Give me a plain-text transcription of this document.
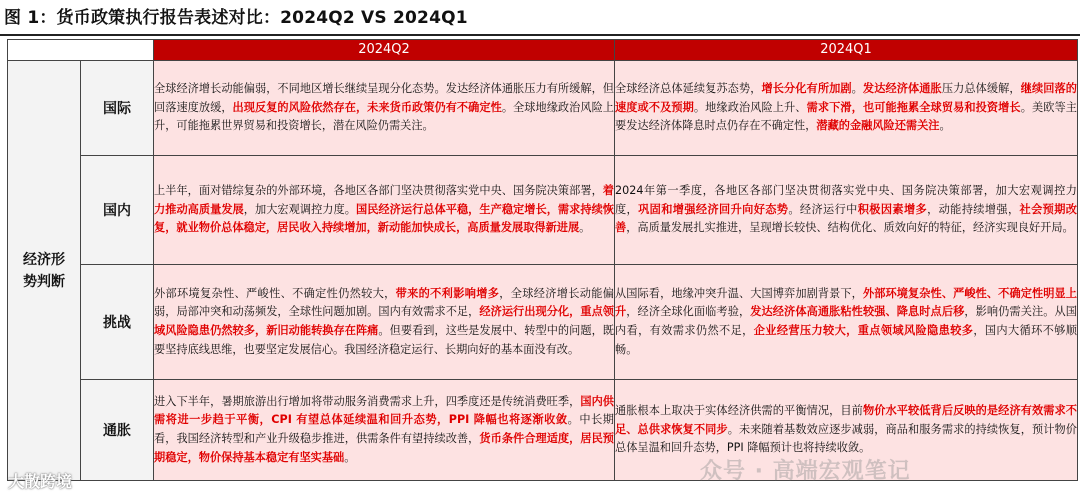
图 1：货币政策执行报告表述对比：2024Q2 VS 2024Q1
		2024Q2	2024Q1

经济形势判断	国际	全球经济增长动能偏弱，不同地区增长继续呈现分化态势。发达经济体通胀压力有所缓解，但回落速度放缓，出现反复的风险依然存在，未来货币政策仍有不确定性。全球地缘政治风险上升，可能拖累世界贸易和投资增长，潜在风险仍需关注。	全球经济总体延续复苏态势，增长分化有所加剧。发达经济体通胀压力总体缓解，继续回落的速度或不及预期。地缘政治风险上升、需求下滑，也可能拖累全球贸易和投资增长。美欧等主要发达经济体降息时点仍存在不确定性，潜藏的金融风险还需关注。
	国内	上半年，面对错综复杂的外部环境，各地区各部门坚决贯彻落实党中央、国务院决策部署，着力推动高质量发展，加大宏观调控力度。国民经济运行总体平稳，生产稳定增长，需求持续恢复，就业物价总体稳定，居民收入持续增加，新动能加快成长，高质量发展取得新进展。	2024年第一季度，各地区各部门坚决贯彻落实党中央、国务院决策部署，加大宏观调控力度，巩固和增强经济回升向好态势。经济运行中积极因素增多，动能持续增强，社会预期改善，高质量发展扎实推进，呈现增长较快、结构优化、质效向好的特征，经济实现良好开局。
	挑战	外部环境复杂性、严峻性、不确定性仍然较大，带来的不利影响增多，全球经济增长动能偏弱，局部冲突和动荡频发，全球性问题加剧。国内有效需求不足，经济运行出现分化，重点领域风险隐患仍然较多，新旧动能转换存在阵痛。但要看到，这些是发展中、转型中的问题，既要坚持底线思维，也要坚定发展信心。我国经济稳定运行、长期向好的基本面没有改。	从国际看，地缘冲突升温、大国博弈加剧背景下，外部环境复杂性、严峻性、不确定性明显上升，经济全球化面临考验，发达经济体高通胀粘性较强、降息时点后移，影响仍需关注。从国内看，有效需求仍然不足，企业经营压力较大，重点领域风险隐患较多，国内大循环不够顺畅。
	通胀	进入下半年，暑期旅游出行增加将带动服务消费需求上升，四季度还是传统消费旺季，国内供需将进一步趋于平衡，CPI 有望总体延续温和回升态势，PPI 降幅也将逐渐收敛。中长期看，我国经济转型和产业升级稳步推进，供需条件有望持续改善，货币条件合理适度，居民预期稳定，物价保持基本稳定有坚实基础。	通胀根本上取决于实体经济供需的平衡情况，目前物价水平较低背后反映的是经济有效需求不足、总供求恢复不同步。未来随着基数效应逐步减弱，商品和服务需求的持续恢复，预计物价总体呈温和回升态势，PPI 降幅预计也将持续收敛。
大散跨境	众号 · 高端宏观笔记
